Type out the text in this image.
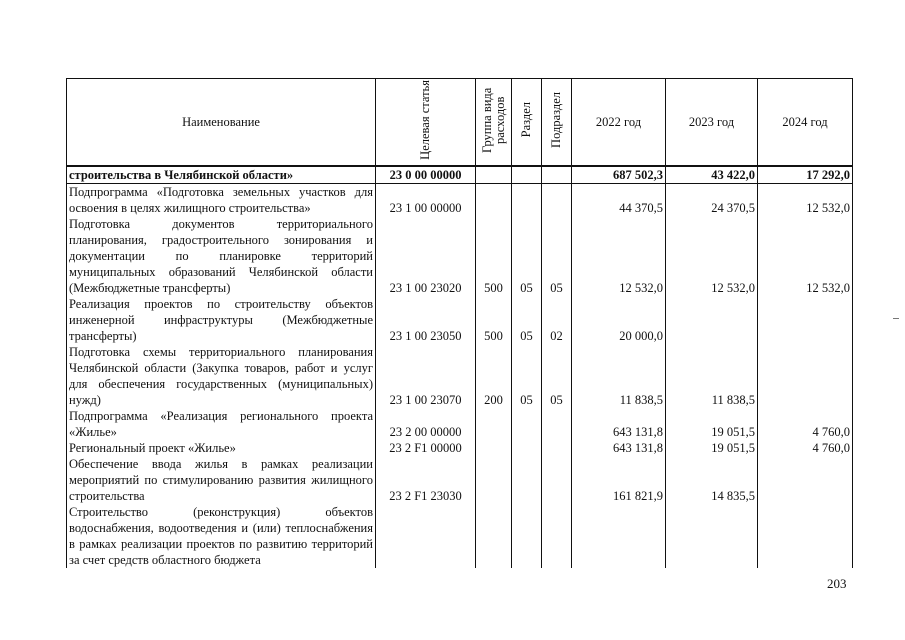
Наименование	Целевая статья	Группа вида расходов	Раздел	Подраздел	2022 год	2023 год	2024 год
строительства в Челябинской области»	23 0 00 00000				687 502,3	43 422,0	17 292,0
Подпрограмма «Подготовка земельных участков для освоения в целях жилищного строительства»	23 1 00 00000				44 370,5	24 370,5	12 532,0
Подготовка документов территориального планирования, градостроительного зонирования и документации по планировке территорий муниципальных образований Челябинской области (Межбюджетные трансферты)	23 1 00 23020	500	05	05	12 532,0	12 532,0	12 532,0
Реализация проектов по строительству объектов инженерной инфраструктуры (Межбюджетные трансферты)	23 1 00 23050	500	05	02	20 000,0		
Подготовка схемы территориального планирования Челябинской области (Закупка товаров, работ и услуг для обеспечения государственных (муниципальных) нужд)	23 1 00 23070	200	05	05	11 838,5	11 838,5	
Подпрограмма «Реализация регионального проекта «Жилье»	23 2 00 00000				643 131,8	19 051,5	4 760,0
Региональный проект «Жилье»	23 2 F1 00000				643 131,8	19 051,5	4 760,0
Обеспечение ввода жилья в рамках реализации мероприятий по стимулированию развития жилищного строительства	23 2 F1 23030				161 821,9	14 835,5	
Строительство (реконструкция) объектов водоснабжения, водоотведения и (или) теплоснабжения в рамках реализации проектов по развитию территорий за счет средств областного бюджета							
203
